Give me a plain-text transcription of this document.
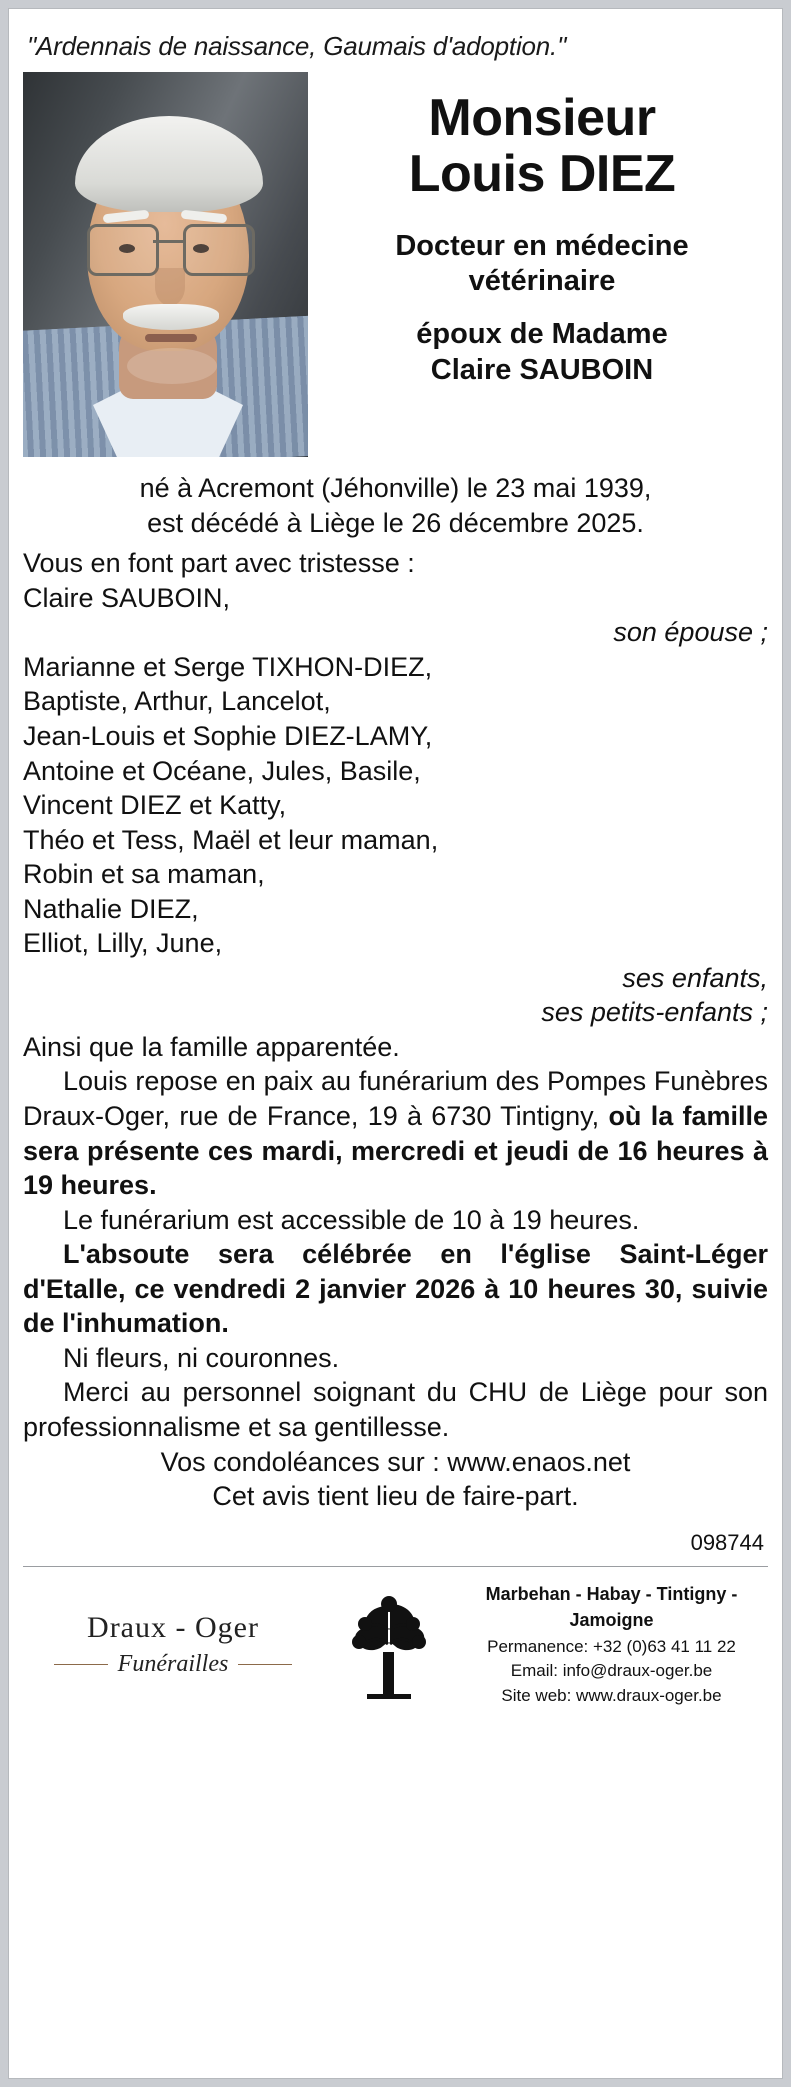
"Ardennais de naissance, Gaumais d'adoption."
Monsieur
Louis DIEZ
Docteur en médecine
vétérinaire
époux de Madame
Claire SAUBOIN
né à Acremont (Jéhonville) le 23 mai 1939,
est décédé à Liège le 26 décembre 2025.
Vous en font part avec tristesse :
Claire SAUBOIN,
son épouse ;
Marianne et Serge TIXHON-DIEZ,
Baptiste, Arthur, Lancelot,
Jean-Louis et Sophie DIEZ-LAMY,
Antoine et Océane, Jules, Basile,
Vincent DIEZ et Katty,
Théo et Tess, Maël et leur maman,
Robin et sa maman,
Nathalie DIEZ,
Elliot, Lilly, June,
ses enfants,
ses petits-enfants ;
Ainsi que la famille apparentée.
Louis repose en paix au funérarium des Pompes Funèbres Draux-Oger, rue de France, 19 à 6730 Tintigny, où la famille sera présente ces mardi, mercredi et jeudi de 16 heures à 19 heures.
Le funérarium est accessible de 10 à 19 heures.
L'absoute sera célébrée en l'église Saint-Léger d'Etalle, ce vendredi 2 janvier 2026 à 10 heures 30, suivie de l'inhumation.
Ni fleurs, ni couronnes.
Merci au personnel soignant du CHU de Liège pour son professionnalisme et sa gentillesse.
Vos condoléances sur : www.enaos.net
Cet avis tient lieu de faire-part.
098744
Draux - Oger
Funérailles
Marbehan - Habay - Tintigny - Jamoigne
Permanence: +32 (0)63 41 11 22
Email: info@draux-oger.be
Site web: www.draux-oger.be
